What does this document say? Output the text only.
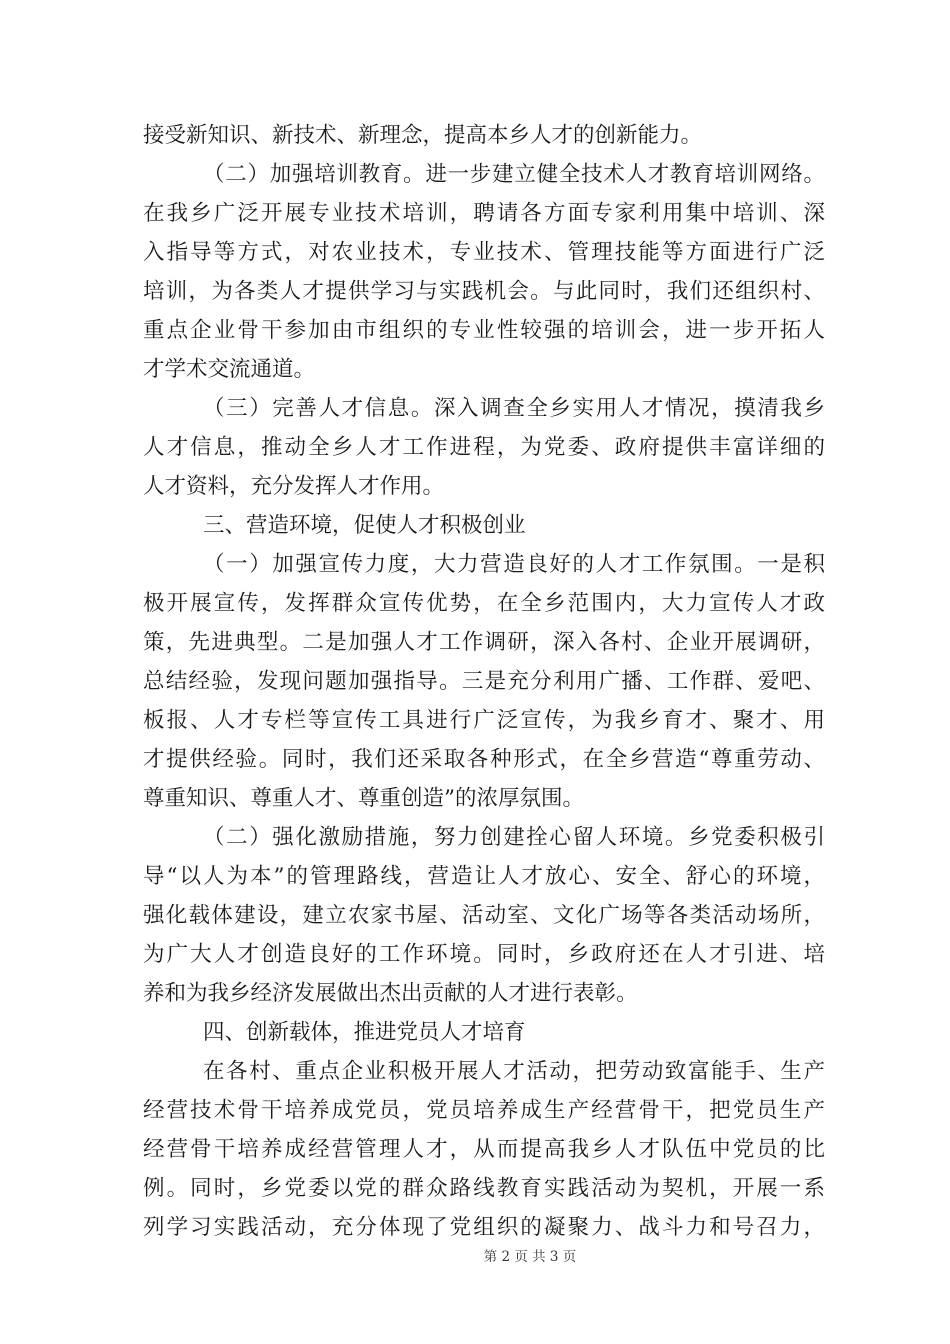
接受新知识、新技术、新理念，提高本乡人才的创新能力。
（二）加强培训教育。进一步建立健全技术人才教育培训网络。
在我乡广泛开展专业技术培训，聘请各方面专家利用集中培训、深
入指导等方式，对农业技术，专业技术、管理技能等方面进行广泛
培训，为各类人才提供学习与实践机会。与此同时，我们还组织村、
重点企业骨干参加由市组织的专业性较强的培训会，进一步开拓人
才学术交流通道。
（三）完善人才信息。深入调查全乡实用人才情况，摸清我乡
人才信息，推动全乡人才工作进程，为党委、政府提供丰富详细的
人才资料，充分发挥人才作用。
三、营造环境，促使人才积极创业
（一）加强宣传力度，大力营造良好的人才工作氛围。一是积
极开展宣传，发挥群众宣传优势，在全乡范围内，大力宣传人才政
策，先进典型。二是加强人才工作调研，深入各村、企业开展调研，
总结经验，发现问题加强指导。三是充分利用广播、工作群、爱吧、
板报、人才专栏等宣传工具进行广泛宣传，为我乡育才、聚才、用
才提供经验。同时，我们还采取各种形式，在全乡营造“尊重劳动、
尊重知识、尊重人才、尊重创造”的浓厚氛围。
（二）强化激励措施，努力创建拴心留人环境。乡党委积极引
导“以人为本”的管理路线，营造让人才放心、安全、舒心的环境，
强化载体建设，建立农家书屋、活动室、文化广场等各类活动场所，
为广大人才创造良好的工作环境。同时，乡政府还在人才引进、培
养和为我乡经济发展做出杰出贡献的人才进行表彰。
四、创新载体，推进党员人才培育
在各村、重点企业积极开展人才活动，把劳动致富能手、生产
经营技术骨干培养成党员，党员培养成生产经营骨干，把党员生产
经营骨干培养成经营管理人才，从而提高我乡人才队伍中党员的比
例。同时，乡党委以党的群众路线教育实践活动为契机，开展一系
列学习实践活动，充分体现了党组织的凝聚力、战斗力和号召力，
第 2 页 共 3 页
